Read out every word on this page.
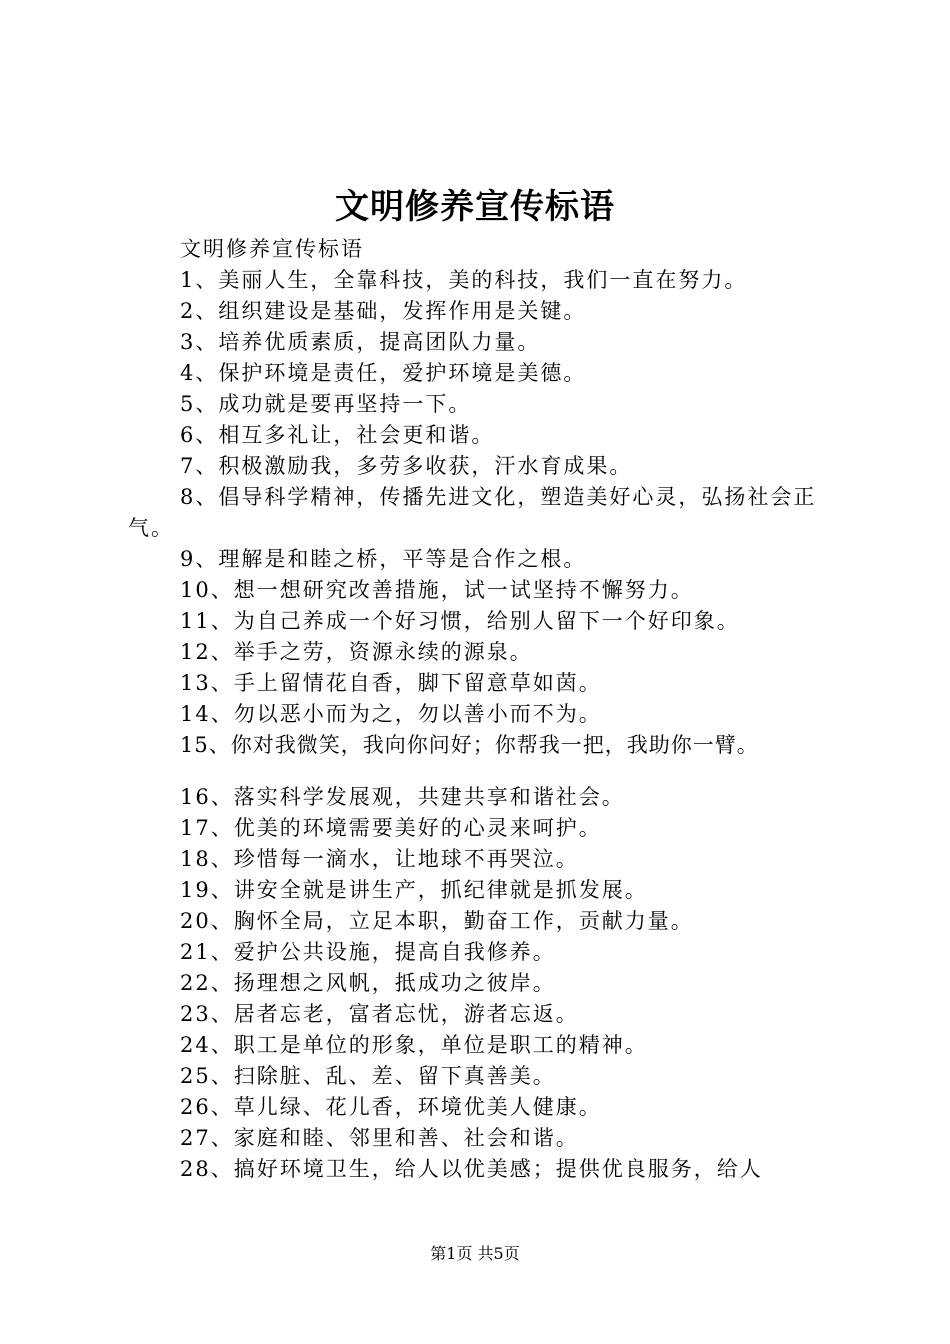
文明修养宣传标语

文明修养宣传标语

1、美丽人生，全靠科技，美的科技，我们一直在努力。

2、组织建设是基础，发挥作用是关键。

3、培养优质素质，提高团队力量。

4、保护环境是责任，爱护环境是美德。

5、成功就是要再坚持一下。

6、相互多礼让，社会更和谐。

7、积极激励我，多劳多收获，汗水育成果。

8、倡导科学精神，传播先进文化，塑造美好心灵，弘扬社会正气。

9、理解是和睦之桥，平等是合作之根。

10、想一想研究改善措施，试一试坚持不懈努力。

11、为自己养成一个好习惯，给别人留下一个好印象。

12、举手之劳，资源永续的源泉。

13、手上留情花自香，脚下留意草如茵。

14、勿以恶小而为之，勿以善小而不为。

15、你对我微笑，我向你问好；你帮我一把，我助你一臂。

16、落实科学发展观，共建共享和谐社会。

17、优美的环境需要美好的心灵来呵护。

18、珍惜每一滴水，让地球不再哭泣。

19、讲安全就是讲生产，抓纪律就是抓发展。

20、胸怀全局，立足本职，勤奋工作，贡献力量。

21、爱护公共设施，提高自我修养。

22、扬理想之风帆，抵成功之彼岸。

23、居者忘老，富者忘忧，游者忘返。

24、职工是单位的形象，单位是职工的精神。

25、扫除脏、乱、差、留下真善美。

26、草儿绿、花儿香，环境优美人健康。

27、家庭和睦、邻里和善、社会和谐。

28、搞好环境卫生，给人以优美感；提供优良服务，给人

第1页 共5页
